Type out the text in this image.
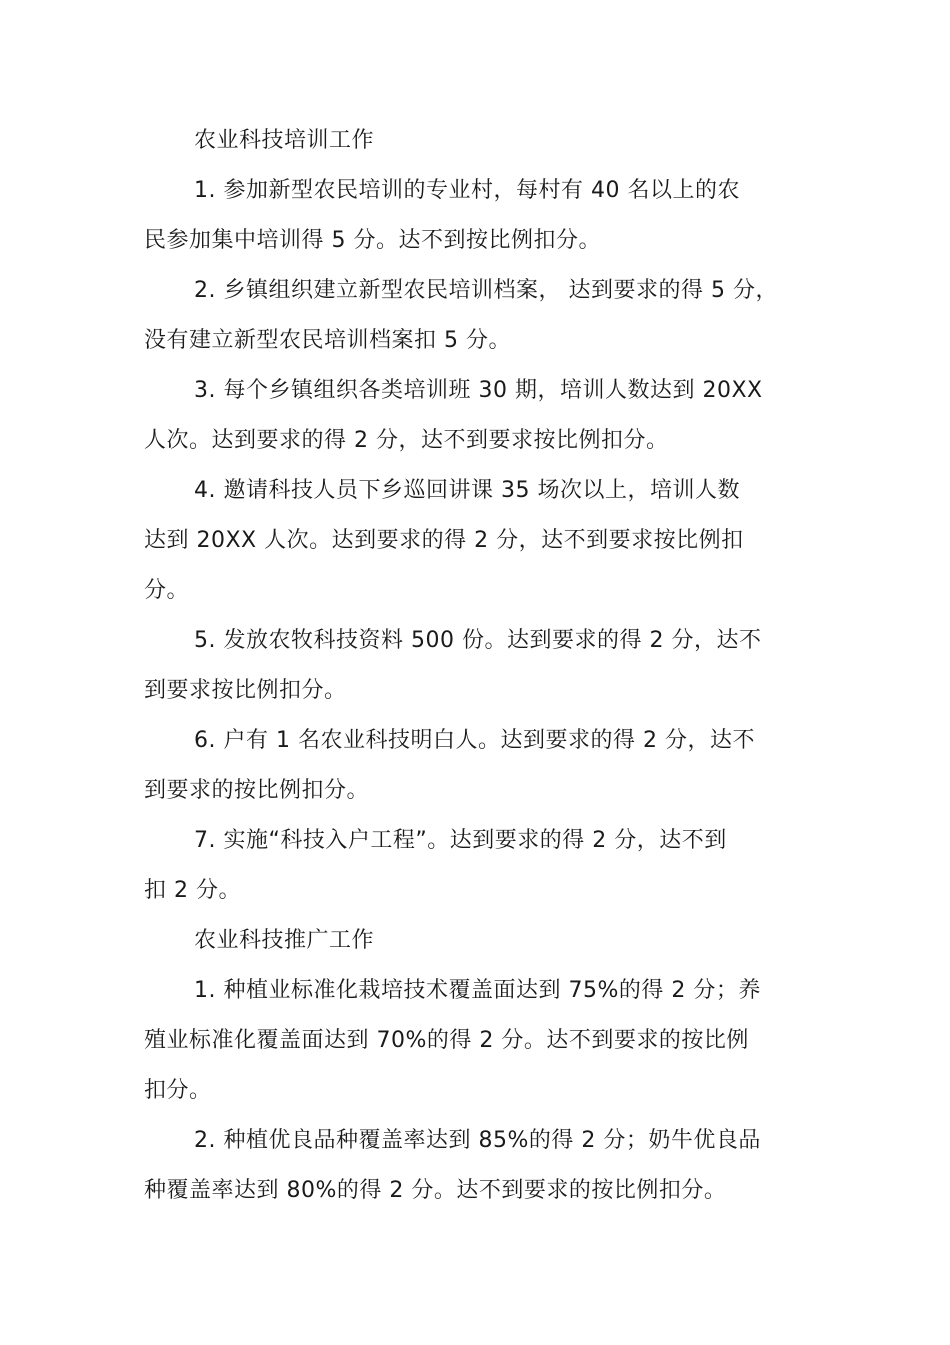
农业科技培训工作
1. 参加新型农民培训的专业村，每村有 40 名以上的农
民参加集中培训得 5 分。达不到按比例扣分。
2. 乡镇组织建立新型农民培训档案， 达到要求的得 5 分，
没有建立新型农民培训档案扣 5 分。
3. 每个乡镇组织各类培训班 30 期，培训人数达到 20XX
人次。达到要求的得 2 分，达不到要求按比例扣分。
4. 邀请科技人员下乡巡回讲课 35 场次以上，培训人数
达到 20XX 人次。达到要求的得 2 分，达不到要求按比例扣
分。
5. 发放农牧科技资料 500 份。达到要求的得 2 分，达不
到要求按比例扣分。
6. 户有 1 名农业科技明白人。达到要求的得 2 分，达不
到要求的按比例扣分。
7. 实施“科技入户工程”。达到要求的得 2 分，达不到
扣 2 分。
农业科技推广工作
1. 种植业标准化栽培技术覆盖面达到 75%的得 2 分；养
殖业标准化覆盖面达到 70%的得 2 分。达不到要求的按比例
扣分。
2. 种植优良品种覆盖率达到 85%的得 2 分；奶牛优良品
种覆盖率达到 80%的得 2 分。达不到要求的按比例扣分。
